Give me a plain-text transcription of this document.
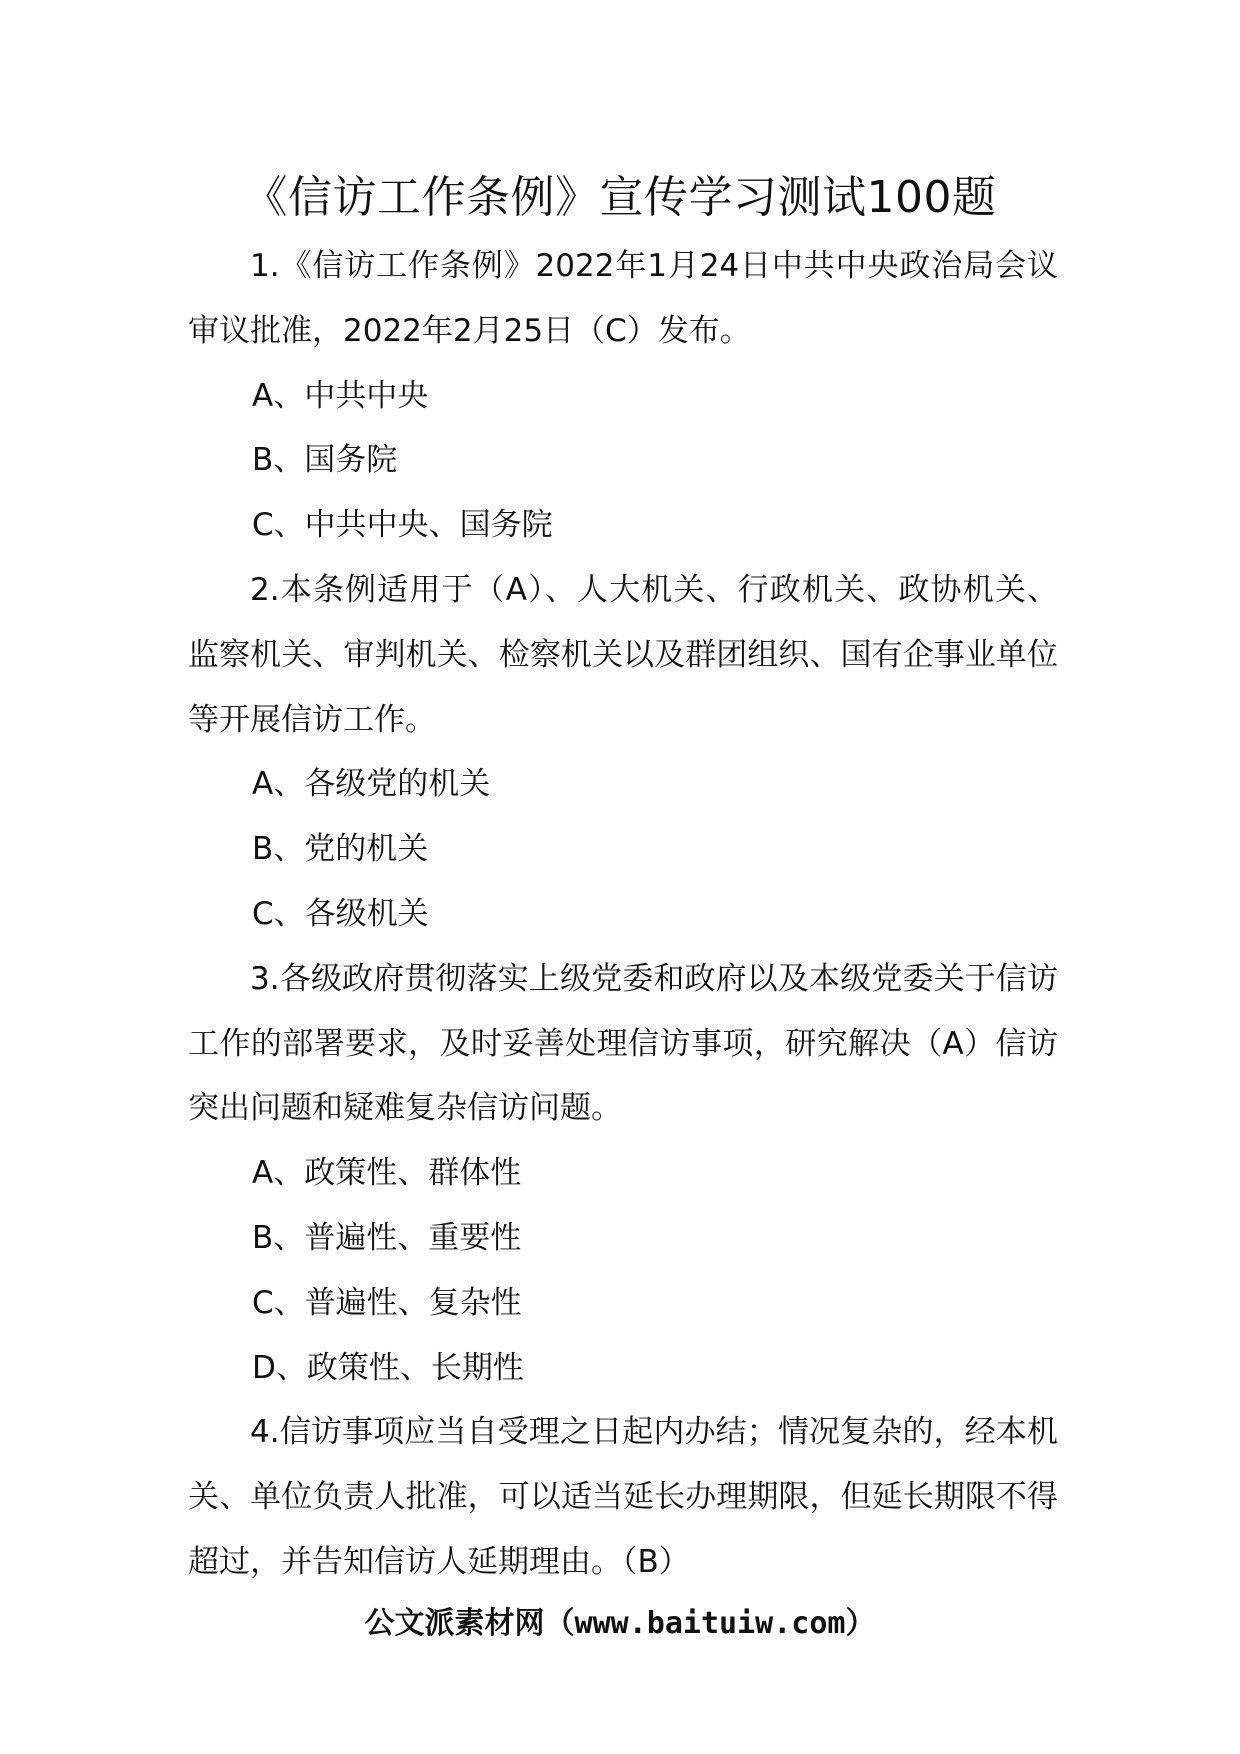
《信访工作条例》宣传学习测试100题

1.《信访工作条例》2022年1月24日中共中央政治局会议审议批准，2022年2月25日（C）发布。

A、中共中央

B、国务院

C、中共中央、国务院

2.本条例适用于（A）、人大机关、行政机关、政协机关、监察机关、审判机关、检察机关以及群团组织、国有企事业单位等开展信访工作。

A、各级党的机关

B、党的机关

C、各级机关

3.各级政府贯彻落实上级党委和政府以及本级党委关于信访工作的部署要求，及时妥善处理信访事项，研究解决（A）信访突出问题和疑难复杂信访问题。

A、政策性、群体性

B、普遍性、重要性

C、普遍性、复杂性

D、政策性、长期性

4.信访事项应当自受理之日起内办结；情况复杂的，经本机关、单位负责人批准，可以适当延长办理期限，但延长期限不得超过，并告知信访人延期理由。（B）

公文派素材网（www.baituiw.com）
